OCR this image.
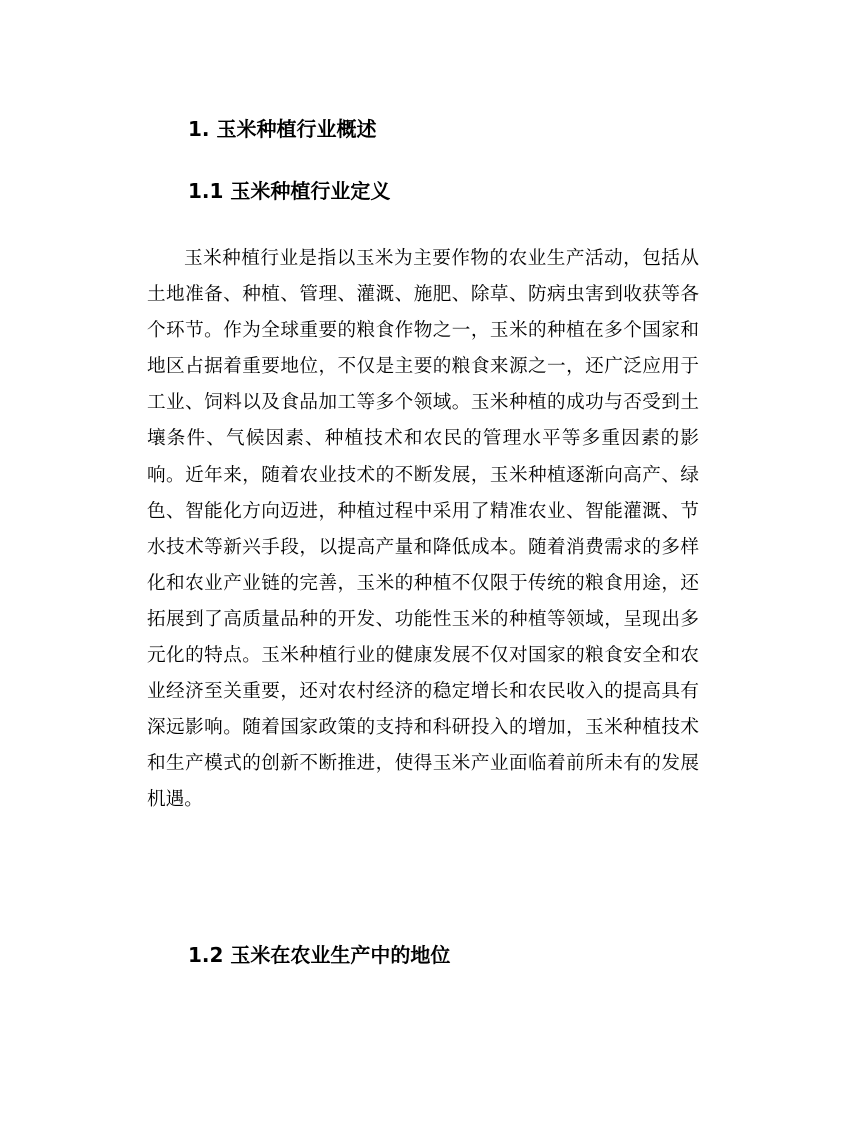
1. 玉米种植行业概述
1.1 玉米种植行业定义

玉米种植行业是指以玉米为主要作物的农业生产活动，包括从土地准备、种植、管理、灌溉、施肥、除草、防病虫害到收获等各个环节。作为全球重要的粮食作物之一，玉米的种植在多个国家和地区占据着重要地位，不仅是主要的粮食来源之一，还广泛应用于工业、饲料以及食品加工等多个领域。玉米种植的成功与否受到土壤条件、气候因素、种植技术和农民的管理水平等多重因素的影响。近年来，随着农业技术的不断发展，玉米种植逐渐向高产、绿色、智能化方向迈进，种植过程中采用了精准农业、智能灌溉、节水技术等新兴手段，以提高产量和降低成本。随着消费需求的多样化和农业产业链的完善，玉米的种植不仅限于传统的粮食用途，还拓展到了高质量品种的开发、功能性玉米的种植等领域，呈现出多元化的特点。玉米种植行业的健康发展不仅对国家的粮食安全和农业经济至关重要，还对农村经济的稳定增长和农民收入的提高具有深远影响。随着国家政策的支持和科研投入的增加，玉米种植技术和生产模式的创新不断推进，使得玉米产业面临着前所未有的发展机遇。

1.2 玉米在农业生产中的地位
